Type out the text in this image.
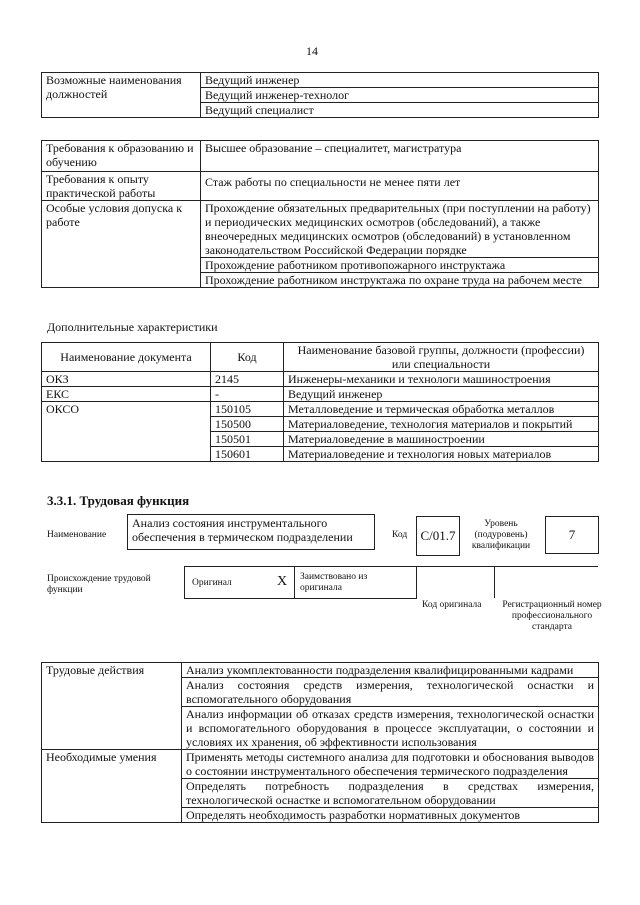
14
Возможные наименования должностей	Ведущий инженер
Ведущий инженер-технолог
Ведущий специалист
Требования к образованию и обучению	Высшее образование – специалитет, магистратура
Требования к опыту практической работы	Стаж работы по специальности не менее пяти лет
Особые условия допуска к работе	Прохождение обязательных предварительных (при поступлении на работу) и периодических медицинских осмотров (обследований), а также внеочередных медицинских осмотров (обследований) в установленном законодательством Российской Федерации порядке
	Прохождение работником противопожарного инструктажа
	Прохождение работником инструктажа по охране труда на рабочем месте
Дополнительные характеристики
Наименование документа	Код	Наименование базовой группы, должности (профессии) или специальности
ОКЗ	2145	Инженеры-механики и технологи машиностроения
ЕКС	-	Ведущий инженер
ОКСО	150105	Металловедение и термическая обработка металлов
	150500	Материаловедение, технология материалов и покрытий
	150501	Материаловедение в машиностроении
	150601	Материаловедение и технология новых материалов
3.3.1. Трудовая функция
Наименование
Анализ состояния инструментального обеспечения в термическом подразделении	Код	С/01.7
Уровень (подуровень) квалификации
7
Происхождение трудовой функции
Оригинал	X Заимствовано из оригинала
Код оригинала Регистрационный номер профессионального стандарта
Трудовые действия	Анализ укомплектованности подразделения квалифицированными кадрами
	Анализ состояния средств измерения, технологической оснастки и вспомогательного оборудования
	Анализ информации об отказах средств измерения, технологической оснастки и вспомогательного оборудования в процессе эксплуатации, о состоянии и условиях их хранения, об эффективности использования
Необходимые умения	Применять методы системного анализа для подготовки и обоснования выводов о состоянии инструментального обеспечения термического подразделения
	Определять потребность подразделения в средствах измерения, технологической оснастке и вспомогательном оборудовании
	Определять необходимость разработки нормативных документов
